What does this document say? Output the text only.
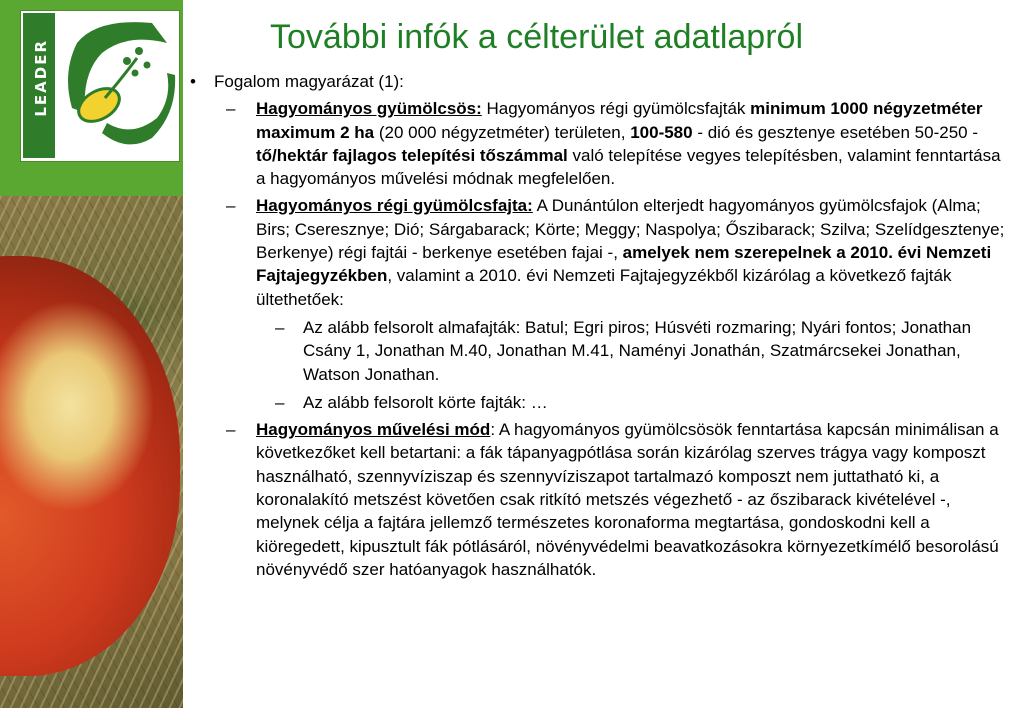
LEADER
További infók a célterület adatlapról
• Fogalom magyarázat (1):
– Hagyományos gyümölcsös: Hagyományos régi gyümölcsfajták minimum 1000 négyzetméter maximum 2 ha (20 000 négyzetméter) területen, 100-580 - dió és gesztenye esetében 50-250 - tő/hektár fajlagos telepítési tőszámmal való telepítése vegyes telepítésben, valamint fenntartása a hagyományos művelési módnak megfelelően.
– Hagyományos régi gyümölcsfajta: A Dunántúlon elterjedt hagyományos gyümölcsfajok (Alma; Birs; Cseresznye; Dió; Sárgabarack; Körte; Meggy; Naspolya; Őszibarack; Szilva; Szelídgesztenye; Berkenye) régi fajtái - berkenye esetében fajai -, amelyek nem szerepelnek a 2010. évi Nemzeti Fajtajegyzékben, valamint a 2010. évi Nemzeti Fajtajegyzékből kizárólag a következő fajták ültethetőek:
– Az alább felsorolt almafajták: Batul; Egri piros; Húsvéti rozmaring; Nyári fontos; Jonathan Csány 1, Jonathan M.40, Jonathan M.41, Naményi Jonathán, Szatmárcsekei Jonathan, Watson Jonathan.
– Az alább felsorolt körte fajták: …
– Hagyományos művelési mód: A hagyományos gyümölcsösök fenntartása kapcsán minimálisan a következőket kell betartani: a fák tápanyagpótlása során kizárólag szerves trágya vagy komposzt használható, szennyvíziszap és szennyvíziszapot tartalmazó komposzt nem juttatható ki, a koronalakító metszést követően csak ritkító metszés végezhető - az őszibarack kivételével -, melynek célja a fajtára jellemző természetes koronaforma megtartása, gondoskodni kell a kiöregedett, kipusztult fák pótlásáról, növényvédelmi beavatkozásokra környezetkímélő besorolású növényvédő szer hatóanyagok használhatók.
